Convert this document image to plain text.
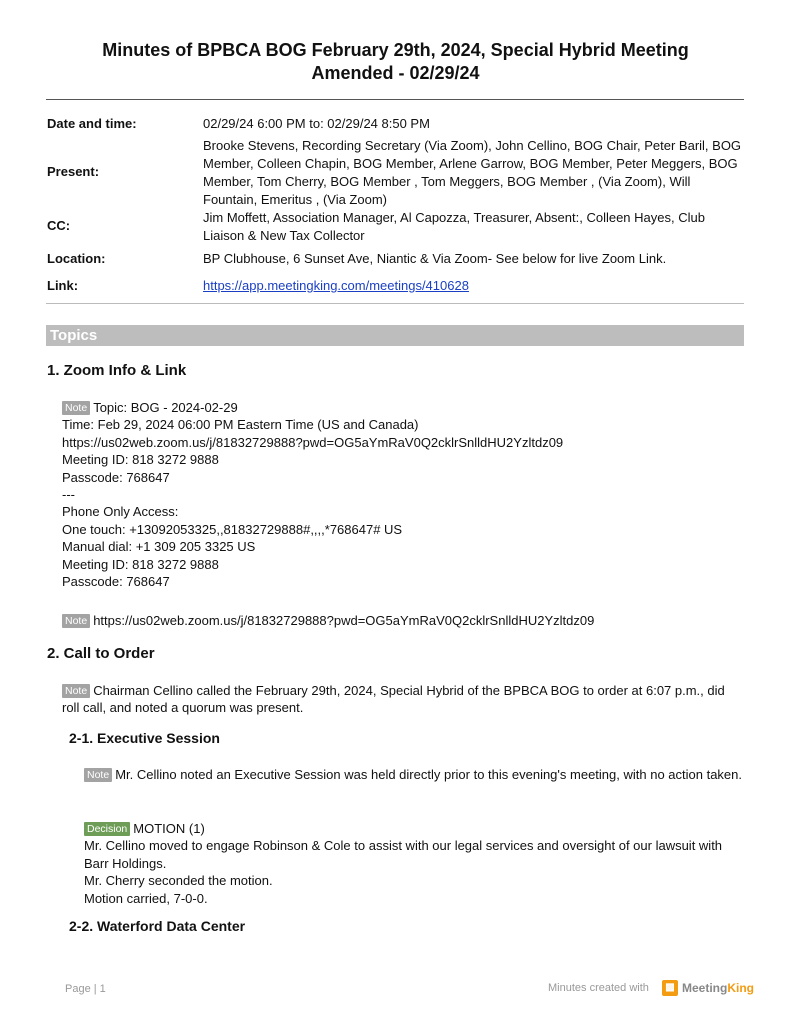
Minutes of BPBCA BOG February 29th, 2024, Special Hybrid Meeting
Amended - 02/29/24
Date and time:	02/29/24 6:00 PM to: 02/29/24 8:50 PM
Present:
Brooke Stevens, Recording Secretary (Via Zoom), John Cellino, BOG Chair, Peter Baril, BOG Member, Colleen Chapin, BOG Member, Arlene Garrow, BOG Member, Peter Meggers, BOG Member, Tom Cherry, BOG Member , Tom Meggers, BOG Member , (Via Zoom), Will Fountain, Emeritus , (Via Zoom)
CC:
Jim Moffett, Association Manager, Al Capozza, Treasurer, Absent:, Colleen Hayes, Club Liaison & New Tax Collector
Location:	BP Clubhouse, 6 Sunset Ave, Niantic & Via Zoom- See below for live Zoom Link.
Link:	https://app.meetingking.com/meetings/410628
Topics
1. Zoom Info & Link
Note Topic: BOG - 2024-02-29
Time: Feb 29, 2024 06:00 PM Eastern Time (US and Canada)
https://us02web.zoom.us/j/81832729888?pwd=OG5aYmRaV0Q2cklrSnlldHU2Yzltdz09
Meeting ID: 818 3272 9888
Passcode: 768647
---
Phone Only Access:
One touch: +13092053325,,81832729888#,,,,*768647# US
Manual dial: +1 309 205 3325 US
Meeting ID: 818 3272 9888
Passcode: 768647
Note https://us02web.zoom.us/j/81832729888?pwd=OG5aYmRaV0Q2cklrSnlldHU2Yzltdz09
2. Call to Order
Note Chairman Cellino called the February 29th, 2024, Special Hybrid of the BPBCA BOG to order at 6:07 p.m., did roll call, and noted a quorum was present.
2-1. Executive Session
Note Mr. Cellino noted an Executive Session was held directly prior to this evening's meeting, with no action taken.
Decision MOTION (1)
Mr. Cellino moved to engage Robinson & Cole to assist with our legal services and oversight of our lawsuit with Barr Holdings.
Mr. Cherry seconded the motion.
Motion carried, 7-0-0.
2-2. Waterford Data Center
Page | 1	Minutes created with	▩ MeetingKing
